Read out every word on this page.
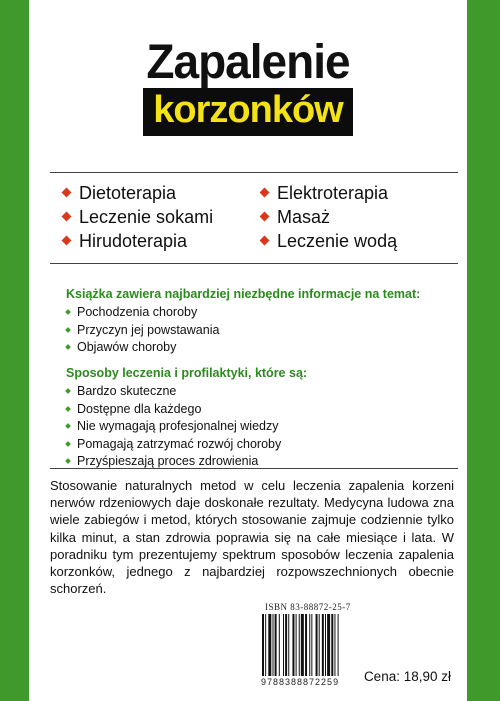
Zapalenie
korzonków
Dietoterapia	Elektroterapia
Leczenie sokami	Masaż
Hirudoterapia	Leczenie wodą
Książka zawiera najbardziej niezbędne informacje na temat:
Pochodzenia choroby
Przyczyn jej powstawania
Objawów choroby
Sposoby leczenia i profilaktyki, które są:
Bardzo skuteczne
Dostępne dla każdego
Nie wymagają profesjonalnej wiedzy
Pomagają zatrzymać rozwój choroby
Przyśpieszają proces zdrowienia

Stosowanie naturalnych metod w celu leczenia zapalenia korzeni nerwów rdzeniowych daje doskonałe rezultaty. Medycyna ludowa zna wiele zabiegów i metod, których stosowanie zajmuje codziennie tylko kilka minut, a stan zdrowia poprawia się na całe miesiące i lata. W poradniku tym prezentujemy spektrum sposobów leczenia zapalenia korzonków, jednego z najbardziej rozpowszechnionych obecnie schorzeń.

ISBN 83-88872-25-7
9788388872259 Cena: 18,90 zł
